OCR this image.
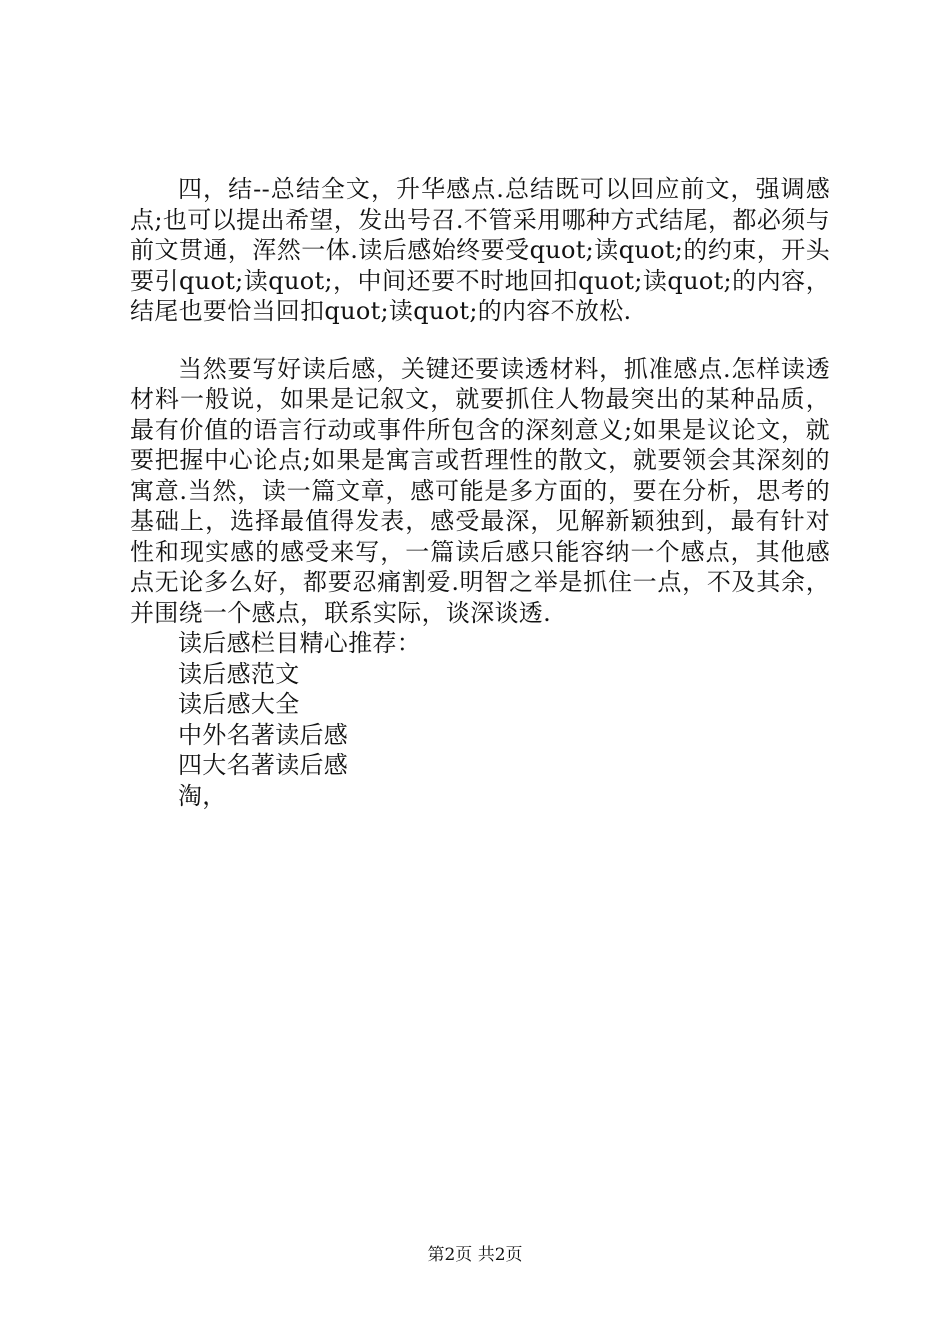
四，结--总结全文，升华感点.总结既可以回应前文，强调感点;也可以提出希望，发出号召.不管采用哪种方式结尾，都必须与前文贯通，浑然一体.读后感始终要受quot;读quot;的约束，开头要引quot;读quot;，中间还要不时地回扣quot;读quot;的内容，结尾也要恰当回扣quot;读quot;的内容不放松.

当然要写好读后感，关键还要读透材料，抓准感点.怎样读透材料一般说，如果是记叙文，就要抓住人物最突出的某种品质，最有价值的语言行动或事件所包含的深刻意义;如果是议论文，就要把握中心论点;如果是寓言或哲理性的散文，就要领会其深刻的寓意.当然，读一篇文章，感可能是多方面的，要在分析，思考的基础上，选择最值得发表，感受最深，见解新颖独到，最有针对性和现实感的感受来写，一篇读后感只能容纳一个感点，其他感点无论多么好，都要忍痛割爱.明智之举是抓住一点，不及其余，并围绕一个感点，联系实际，谈深谈透.

读后感栏目精心推荐：
读后感范文
读后感大全
中外名著读后感
四大名著读后感
淘，
第2页 共2页
